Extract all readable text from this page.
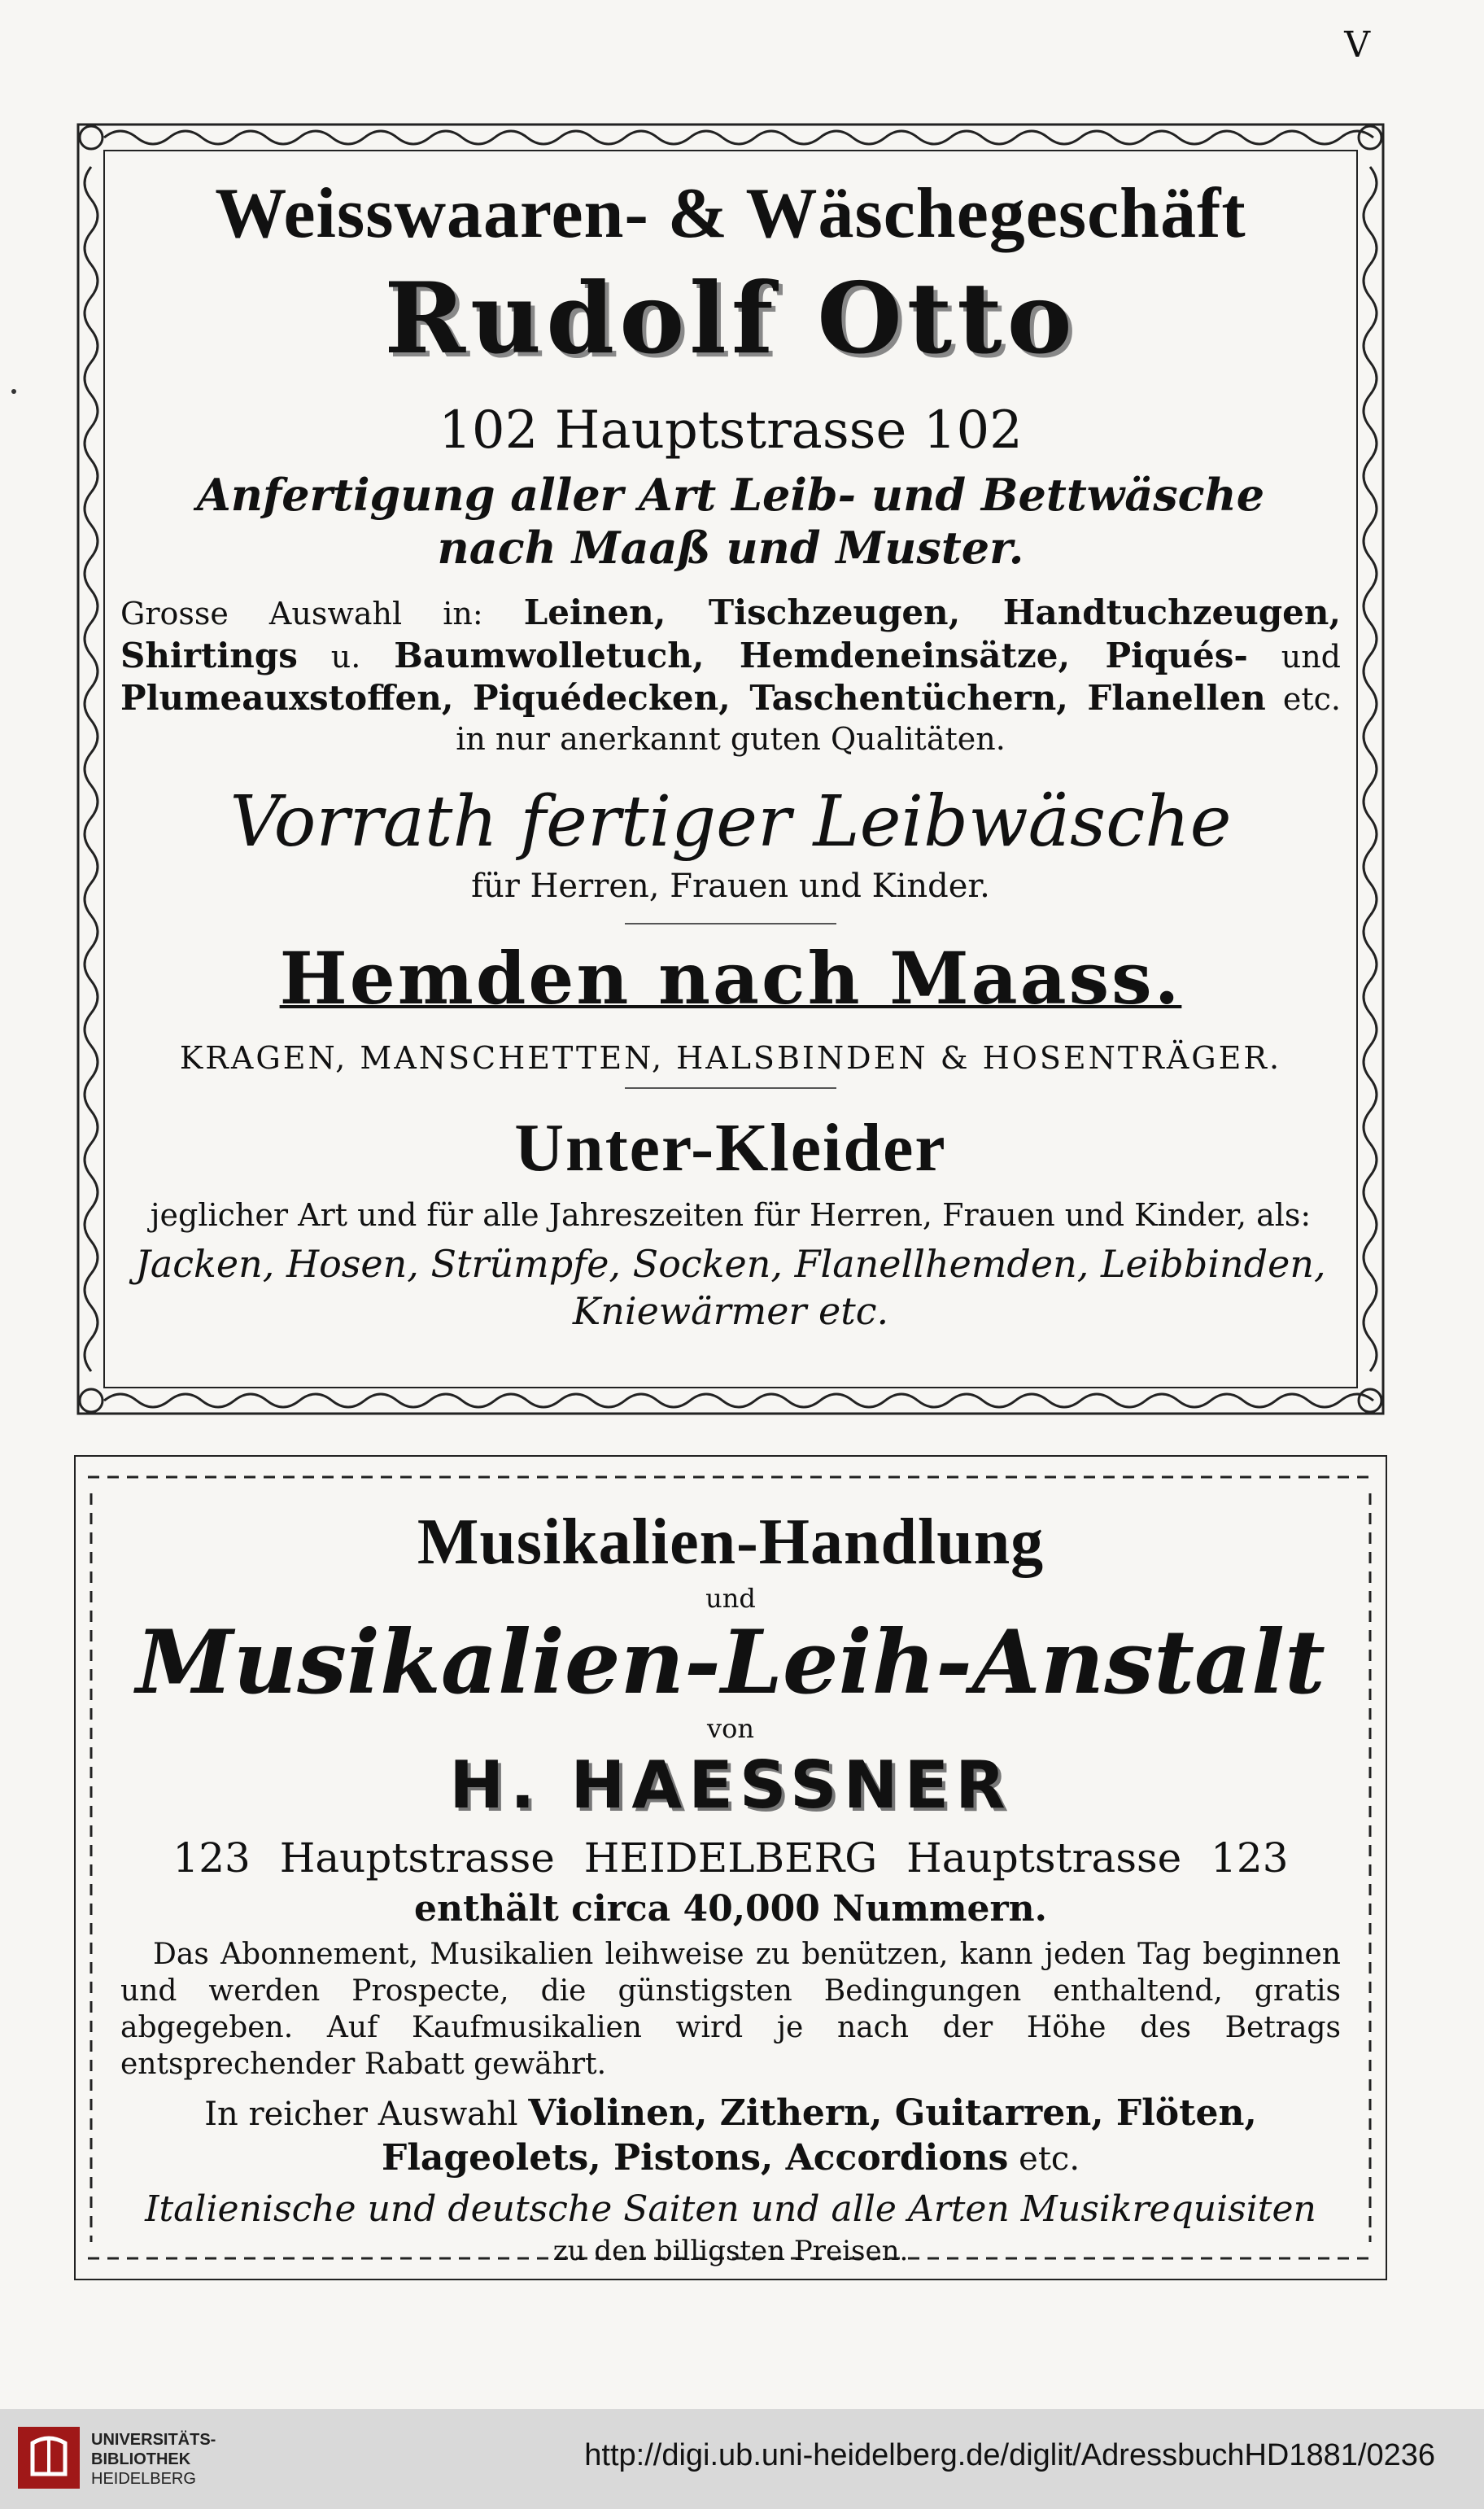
V
Weisswaaren- & Wäschegeschäft
Rudolf Otto

102 Hauptstrasse 102

Anfertigung aller Art Leib- und Bettwäsche

nach Maaß und Muster.

Grosse Auswahl in: Leinen, Tischzeugen, Handtuchzeugen, Shirtings u. Baumwolletuch, Hemdeneinsätze, Piqués- und Plumeauxstoffen, Piquédecken, Taschentüchern, Flanellen etc. in nur anerkannt guten Qualitäten.

Vorrath fertiger Leibwäsche

für Herren, Frauen und Kinder.

Hemden nach Maass.

KRAGEN, MANSCHETTEN, HALSBINDEN & HOSENTRÄGER.

Unter-Kleider

jeglicher Art und für alle Jahreszeiten für Herren, Frauen und Kinder, als:

Jacken, Hosen, Strümpfe, Socken, Flanellhemden, Leibbinden, Kniewärmer etc.

Musikalien-Handlung

und

Musikalien-Leih-Anstalt

von

H. HAESSNER

123 Hauptstrasse HEIDELBERG Hauptstrasse 123

enthält circa 40,000 Nummern.

Das Abonnement, Musikalien leihweise zu benützen, kann jeden Tag beginnen und werden Prospecte, die günstigsten Bedingungen enthaltend, gratis abgegeben. Auf Kaufmusikalien wird je nach der Höhe des Betrags entsprechender Rabatt gewährt.

In reicher Auswahl Violinen, Zithern, Guitarren, Flöten, Flageolets, Pistons, Accordions etc.

Italienische und deutsche Saiten und alle Arten Musikrequisiten

zu den billigsten Preisen.

UNIVERSITÄTS-
BIBLIOTHEK
HEIDELBERG
http://digi.ub.uni-heidelberg.de/diglit/AdressbuchHD1881/0236
